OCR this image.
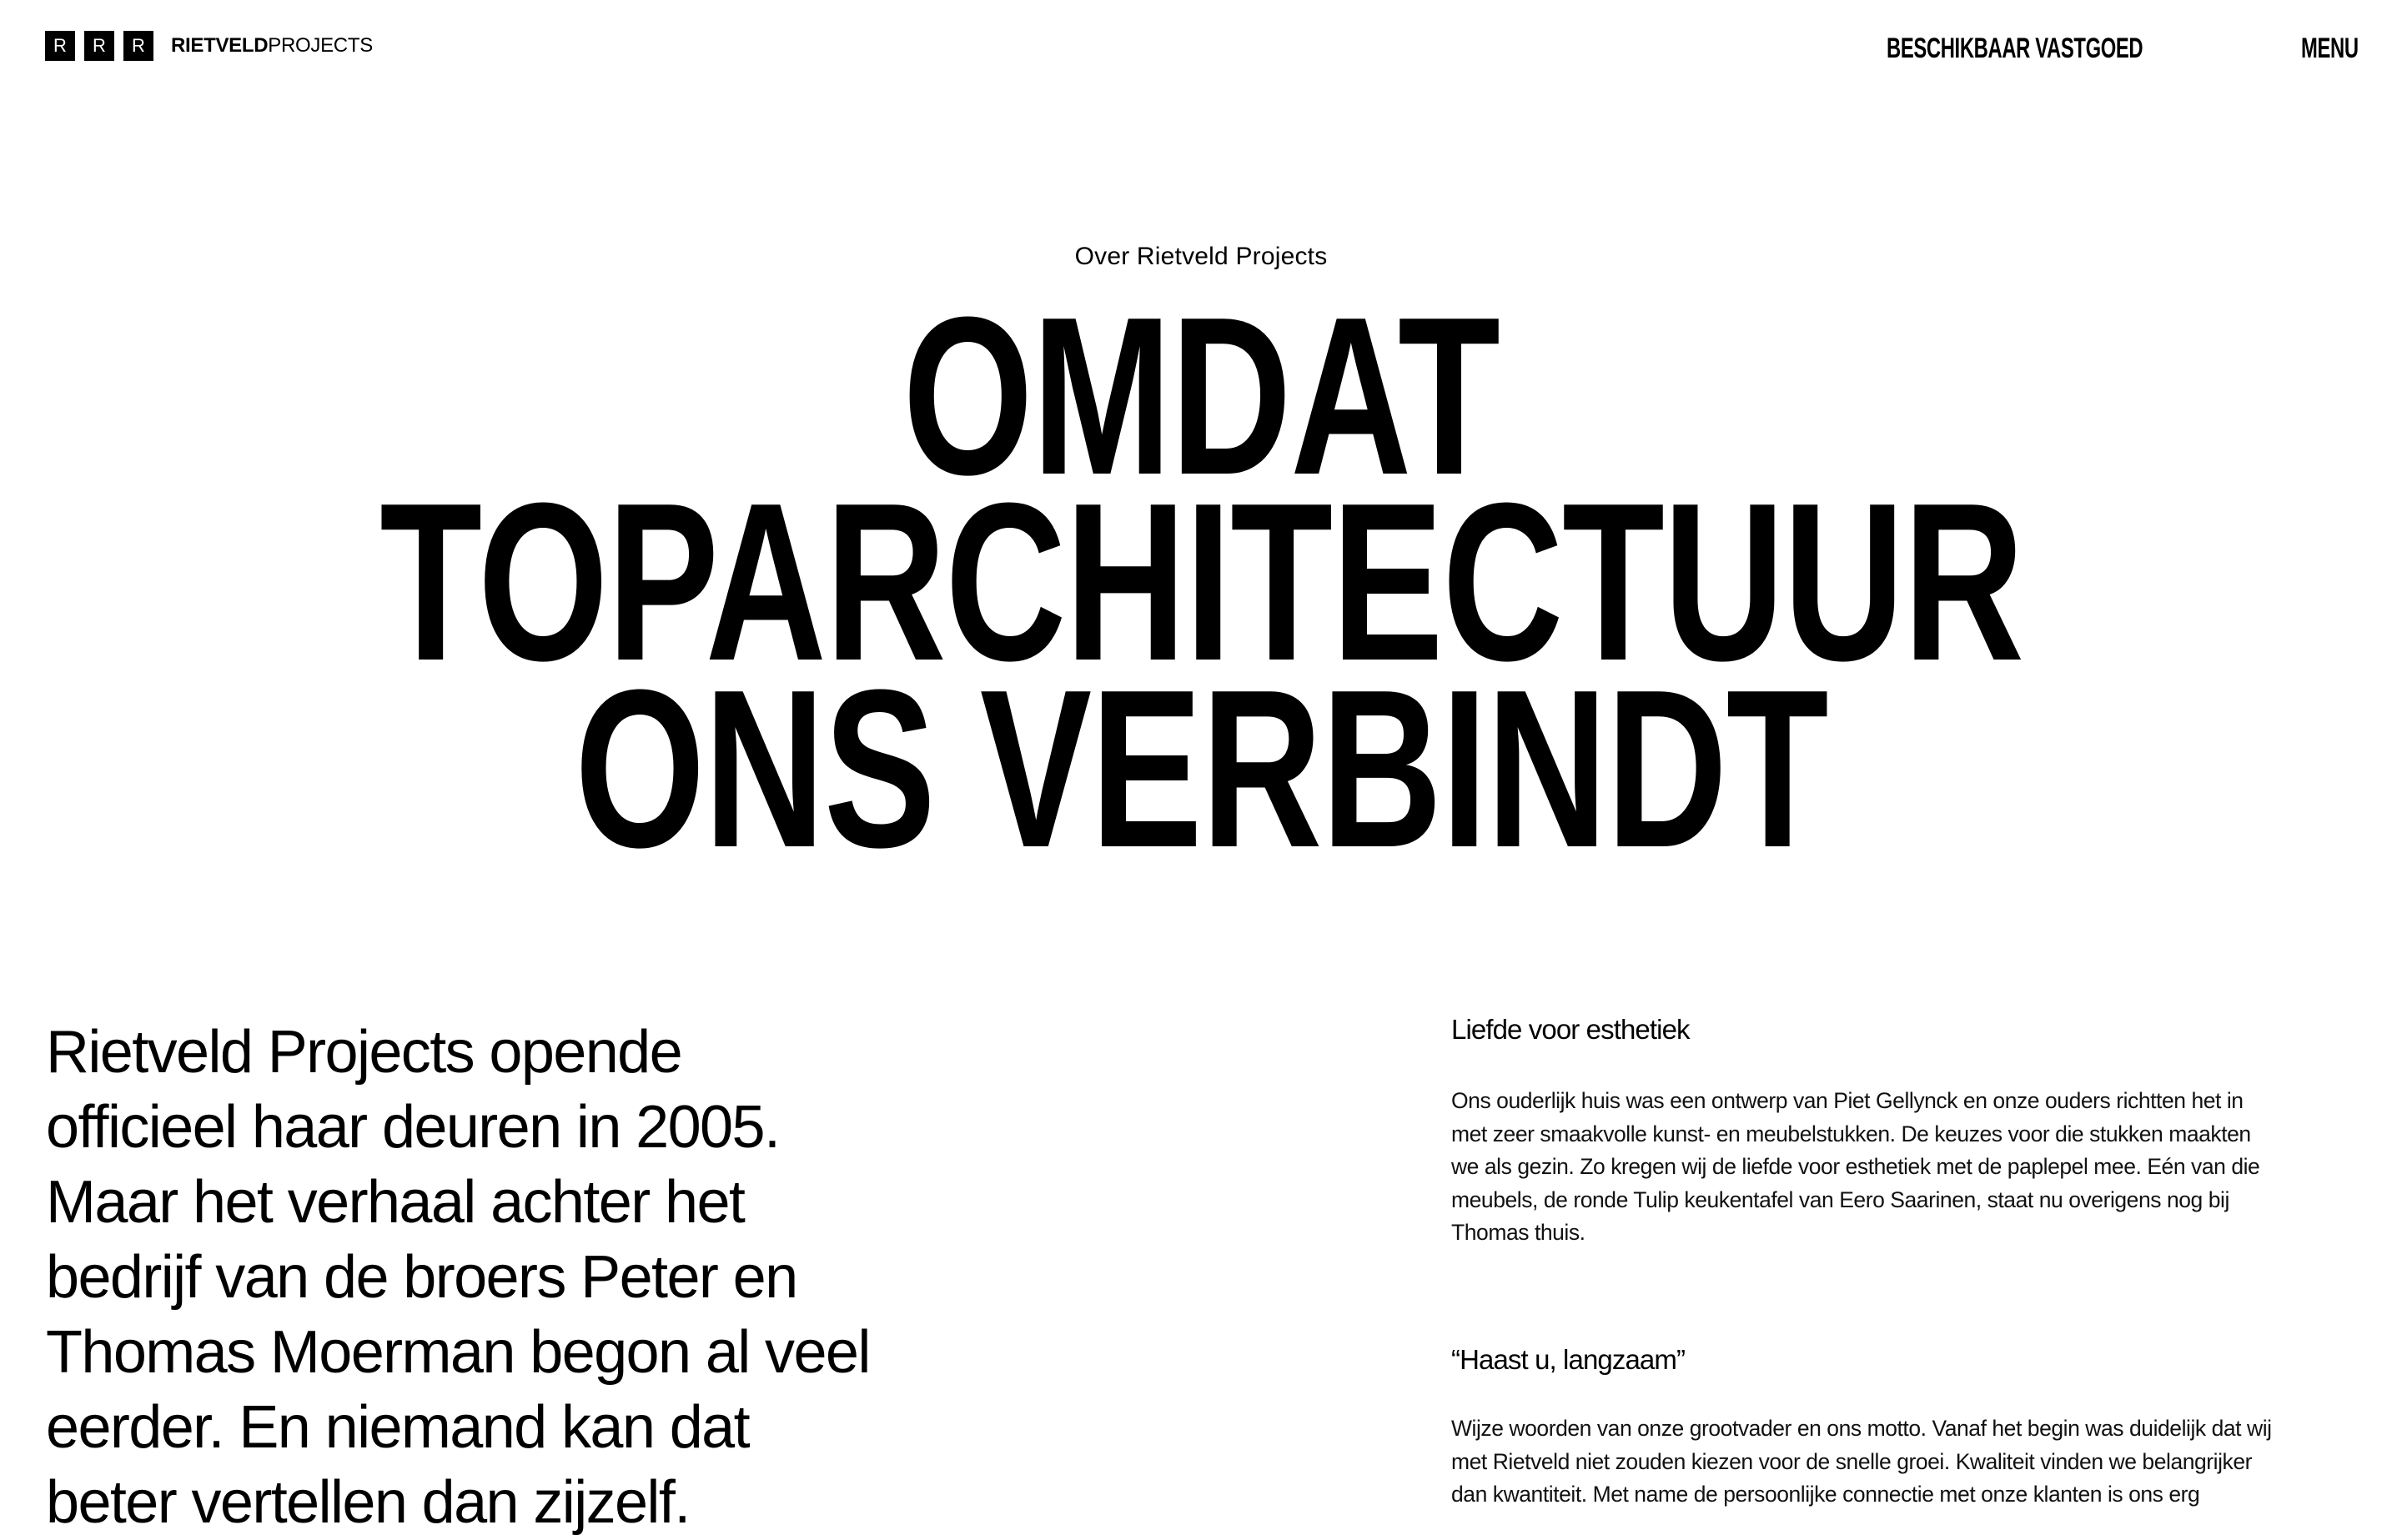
R	R	R	RIETVELDPROJECTS	BESCHIKBAAR VASTGOED	MENU
Over Rietveld Projects
OMDAT
TOPARCHITECTUUR
ONS VERBINDT

Rietveld Projects opende
officieel haar deuren in 2005.
Maar het verhaal achter het
bedrijf van de broers Peter en
Thomas Moerman begon al veel
eerder. En niemand kan dat
beter vertellen dan zijzelf.

Liefde voor esthetiek

Ons ouderlijk huis was een ontwerp van Piet Gellynck en onze ouders richtten het in
met zeer smaakvolle kunst- en meubelstukken. De keuzes voor die stukken maakten
we als gezin. Zo kregen wij de liefde voor esthetiek met de paplepel mee. Eén van die
meubels, de ronde Tulip keukentafel van Eero Saarinen, staat nu overigens nog bij
Thomas thuis.

“Haast u, langzaam”

Wijze woorden van onze grootvader en ons motto. Vanaf het begin was duidelijk dat wij
met Rietveld niet zouden kiezen voor de snelle groei. Kwaliteit vinden we belangrijker
dan kwantiteit. Met name de persoonlijke connectie met onze klanten is ons erg
